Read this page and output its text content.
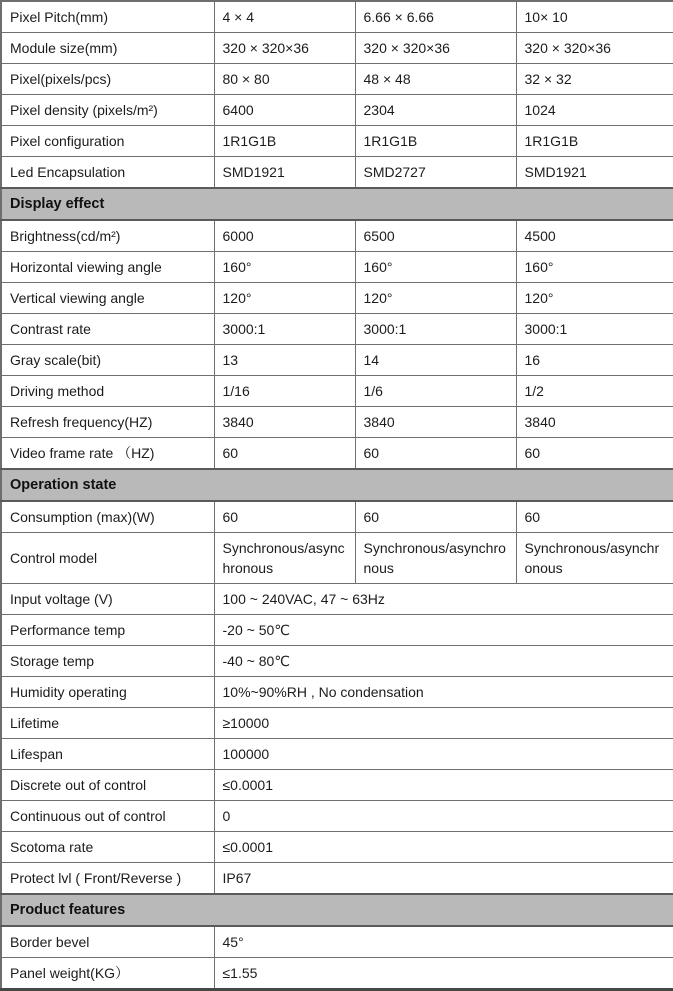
Pixel Pitch(mm)	4 × 4	6.66 × 6.66	10× 10
Module size(mm)	320 × 320×36	320 × 320×36	320 × 320×36
Pixel(pixels/pcs)	80 × 80	48 × 48	32 × 32
Pixel density (pixels/m²)	6400	2304	1024
Pixel configuration	1R1G1B	1R1G1B	1R1G1B
Led Encapsulation	SMD1921	SMD2727	SMD1921
Display effect			
Brightness(cd/m²)	6000	6500	4500
Horizontal viewing angle	160°	160°	160°
Vertical viewing angle	120°	120°	120°
Contrast rate	3000:1	3000:1	3000:1
Gray scale(bit)	13	14	16
Driving method	1/16	1/6	1/2
Refresh frequency(HZ)	3840	3840	3840
Video frame rate （HZ)	60	60	60
Operation state			
Consumption (max)(W)	60	60	60
Control model	Synchronous/asynchronous	Synchronous/asynchronous	Synchronous/asynchronous
Input voltage (V)	100 ~ 240VAC, 47 ~ 63Hz		
Performance temp	-20 ~ 50℃		
Storage temp	-40 ~ 80℃		
Humidity operating	10%~90%RH , No condensation		
Lifetime	≥10000		
Lifespan	100000		
Discrete out of control	≤0.0001		
Continuous out of control	0		
Scotoma rate	≤0.0001		
Protect lvl ( Front/Reverse )	IP67		
Product features			
Border bevel	45°		
Panel weight(KG）	≤1.55		
